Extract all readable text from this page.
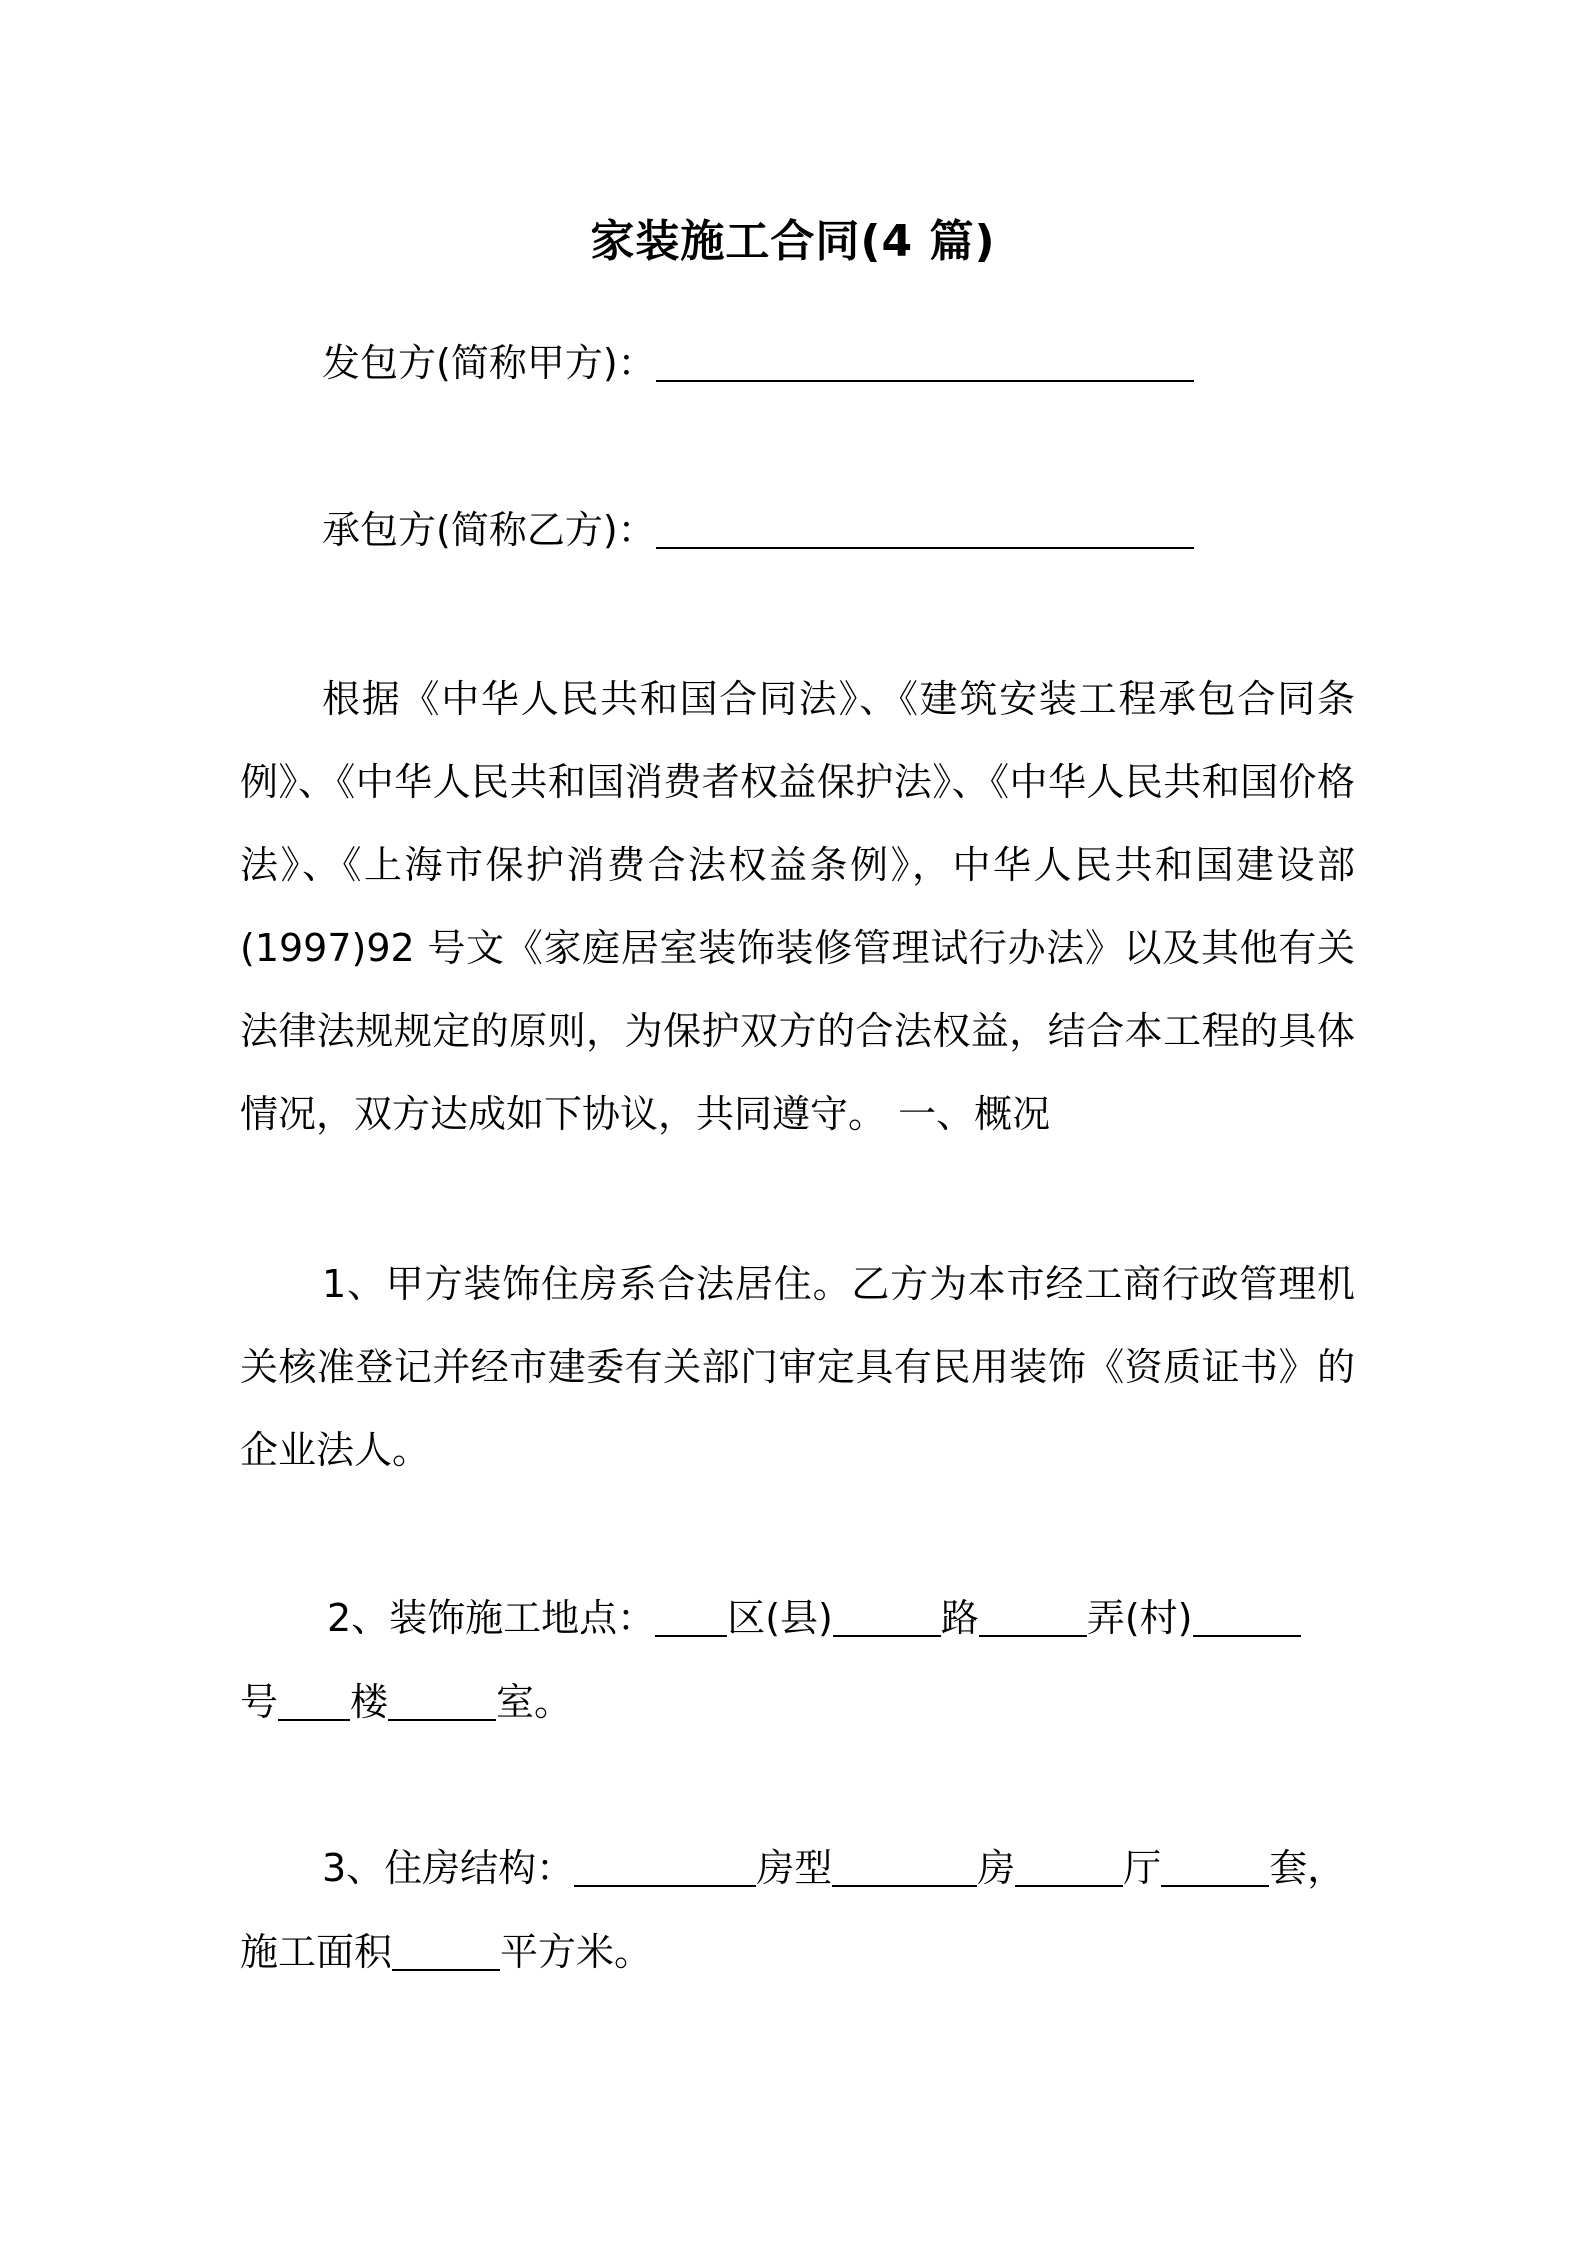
家装施工合同(4 篇)
发包方(简称甲方)：
承包方(简称乙方)：
根据《中华人民共和国合同法》、《建筑安装工程承包合同条例》、《中华人民共和国消费者权益保护法》、《中华人民共和国价格法》、《上海市保护消费合法权益条例》，中华人民共和国建设部(1997)92 号文《家庭居室装饰装修管理试行办法》以及其他有关法律法规规定的原则，为保护双方的合法权益，结合本工程的具体情况，双方达成如下协议，共同遵守。 一、概况
1、甲方装饰住房系合法居住。乙方为本市经工商行政管理机关核准登记并经市建委有关部门审定具有民用装饰《资质证书》的企业法人。
2、装饰施工地点： 区(县)	路	弄(村)
号 楼	室。
3、住房结构：	房型	房	厅	套，
施工面积	平方米。
